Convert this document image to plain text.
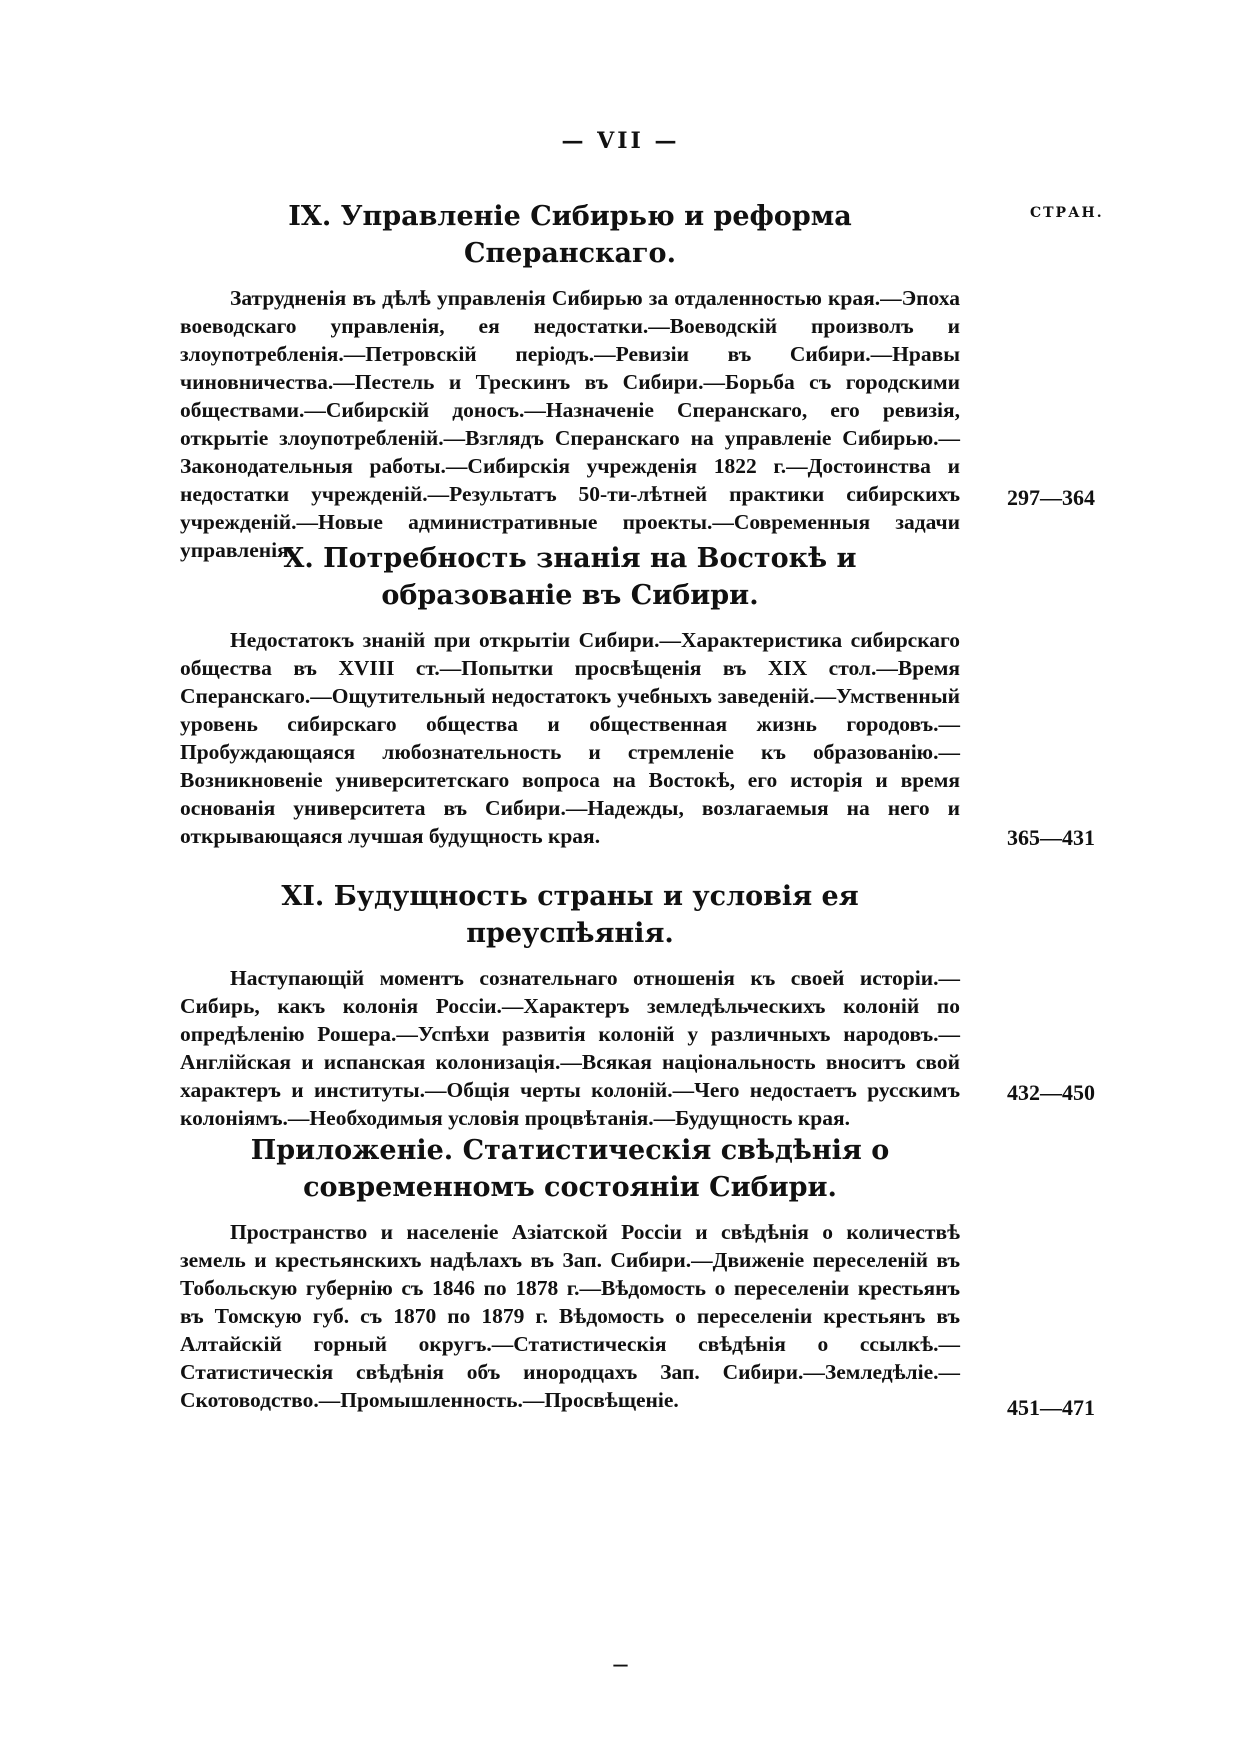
— VII —
СТРАН.
IX. Управленіе Сибирью и реформа Сперанскаго.
Затрудненія въ дѣлѣ управленія Сибирью за отдаленностью края.—Эпоха воеводскаго управленія, ея недостатки.—Воеводскій произволъ и злоупотребленія.—Петровскій періодъ.—Ревизіи въ Сибири.—Нравы чиновничества.—Пестель и Трескинъ въ Сибири.—Борьба съ городскими обществами.—Сибирскій доносъ.—Назначеніе Сперанскаго, его ревизія, открытіе злоупотребленій.—Взглядъ Сперанскаго на управленіе Сибирью.—Законодательныя работы.—Сибирскія учрежденія 1822 г.—Достоинства и недостатки учрежденій.—Результатъ 50-ти-лѣтней практики сибирскихъ учрежденій.—Новые административные проекты.—Современныя задачи управленія.
297—364
X. Потребность знанія на Востокѣ и образованіе въ Сибири.
Недостатокъ знаній при открытіи Сибири.—Характеристика сибирскаго общества въ XVIII ст.—Попытки просвѣщенія въ XIX стол.—Время Сперанскаго.—Ощутительный недостатокъ учебныхъ заведеній.—Умственный уровень сибирскаго общества и общественная жизнь городовъ.—Пробуждающаяся любознательность и стремленіе къ образованію.—Возникновеніе университетскаго вопроса на Востокѣ, его исторія и время основанія университета въ Сибири.—Надежды, возлагаемыя на него и открывающаяся лучшая будущность края.	365—431
XI. Будущность страны и условія ея преуспѣянія.
Наступающій моментъ сознательнаго отношенія къ своей исторіи.—Сибирь, какъ колонія Россіи.—Характеръ земледѣльческихъ колоній по опредѣленію Рошера.—Успѣхи развитія колоній у различныхъ народовъ.—Англійская и испанская колонизація.—Всякая національность вноситъ свой характеръ и институты.—Общія черты колоній.—Чего недостаетъ русскимъ колоніямъ.—Необходимыя условія процвѣтанія.—Будущность края.
432—450
Приложеніе. Статистическія свѣдѣнія о современномъ состояніи Сибири.
Пространство и населеніе Азіатской Россіи и свѣдѣнія о количествѣ земель и крестьянскихъ надѣлахъ въ Зап. Сибири.—Движеніе переселеній въ Тобольскую губернію съ 1846 по 1878 г.—Вѣдомость о переселеніи крестьянъ въ Томскую губ. съ 1870 по 1879 г. Вѣдомость о переселеніи крестьянъ въ Алтайскій горный округъ.—Статистическія свѣдѣнія о ссылкѣ.—Статистическія свѣдѣнія объ инородцахъ Зап. Сибири.—Земледѣліе.—Скотоводство.—Промышленность.—Просвѣщеніе.	451—471
—
